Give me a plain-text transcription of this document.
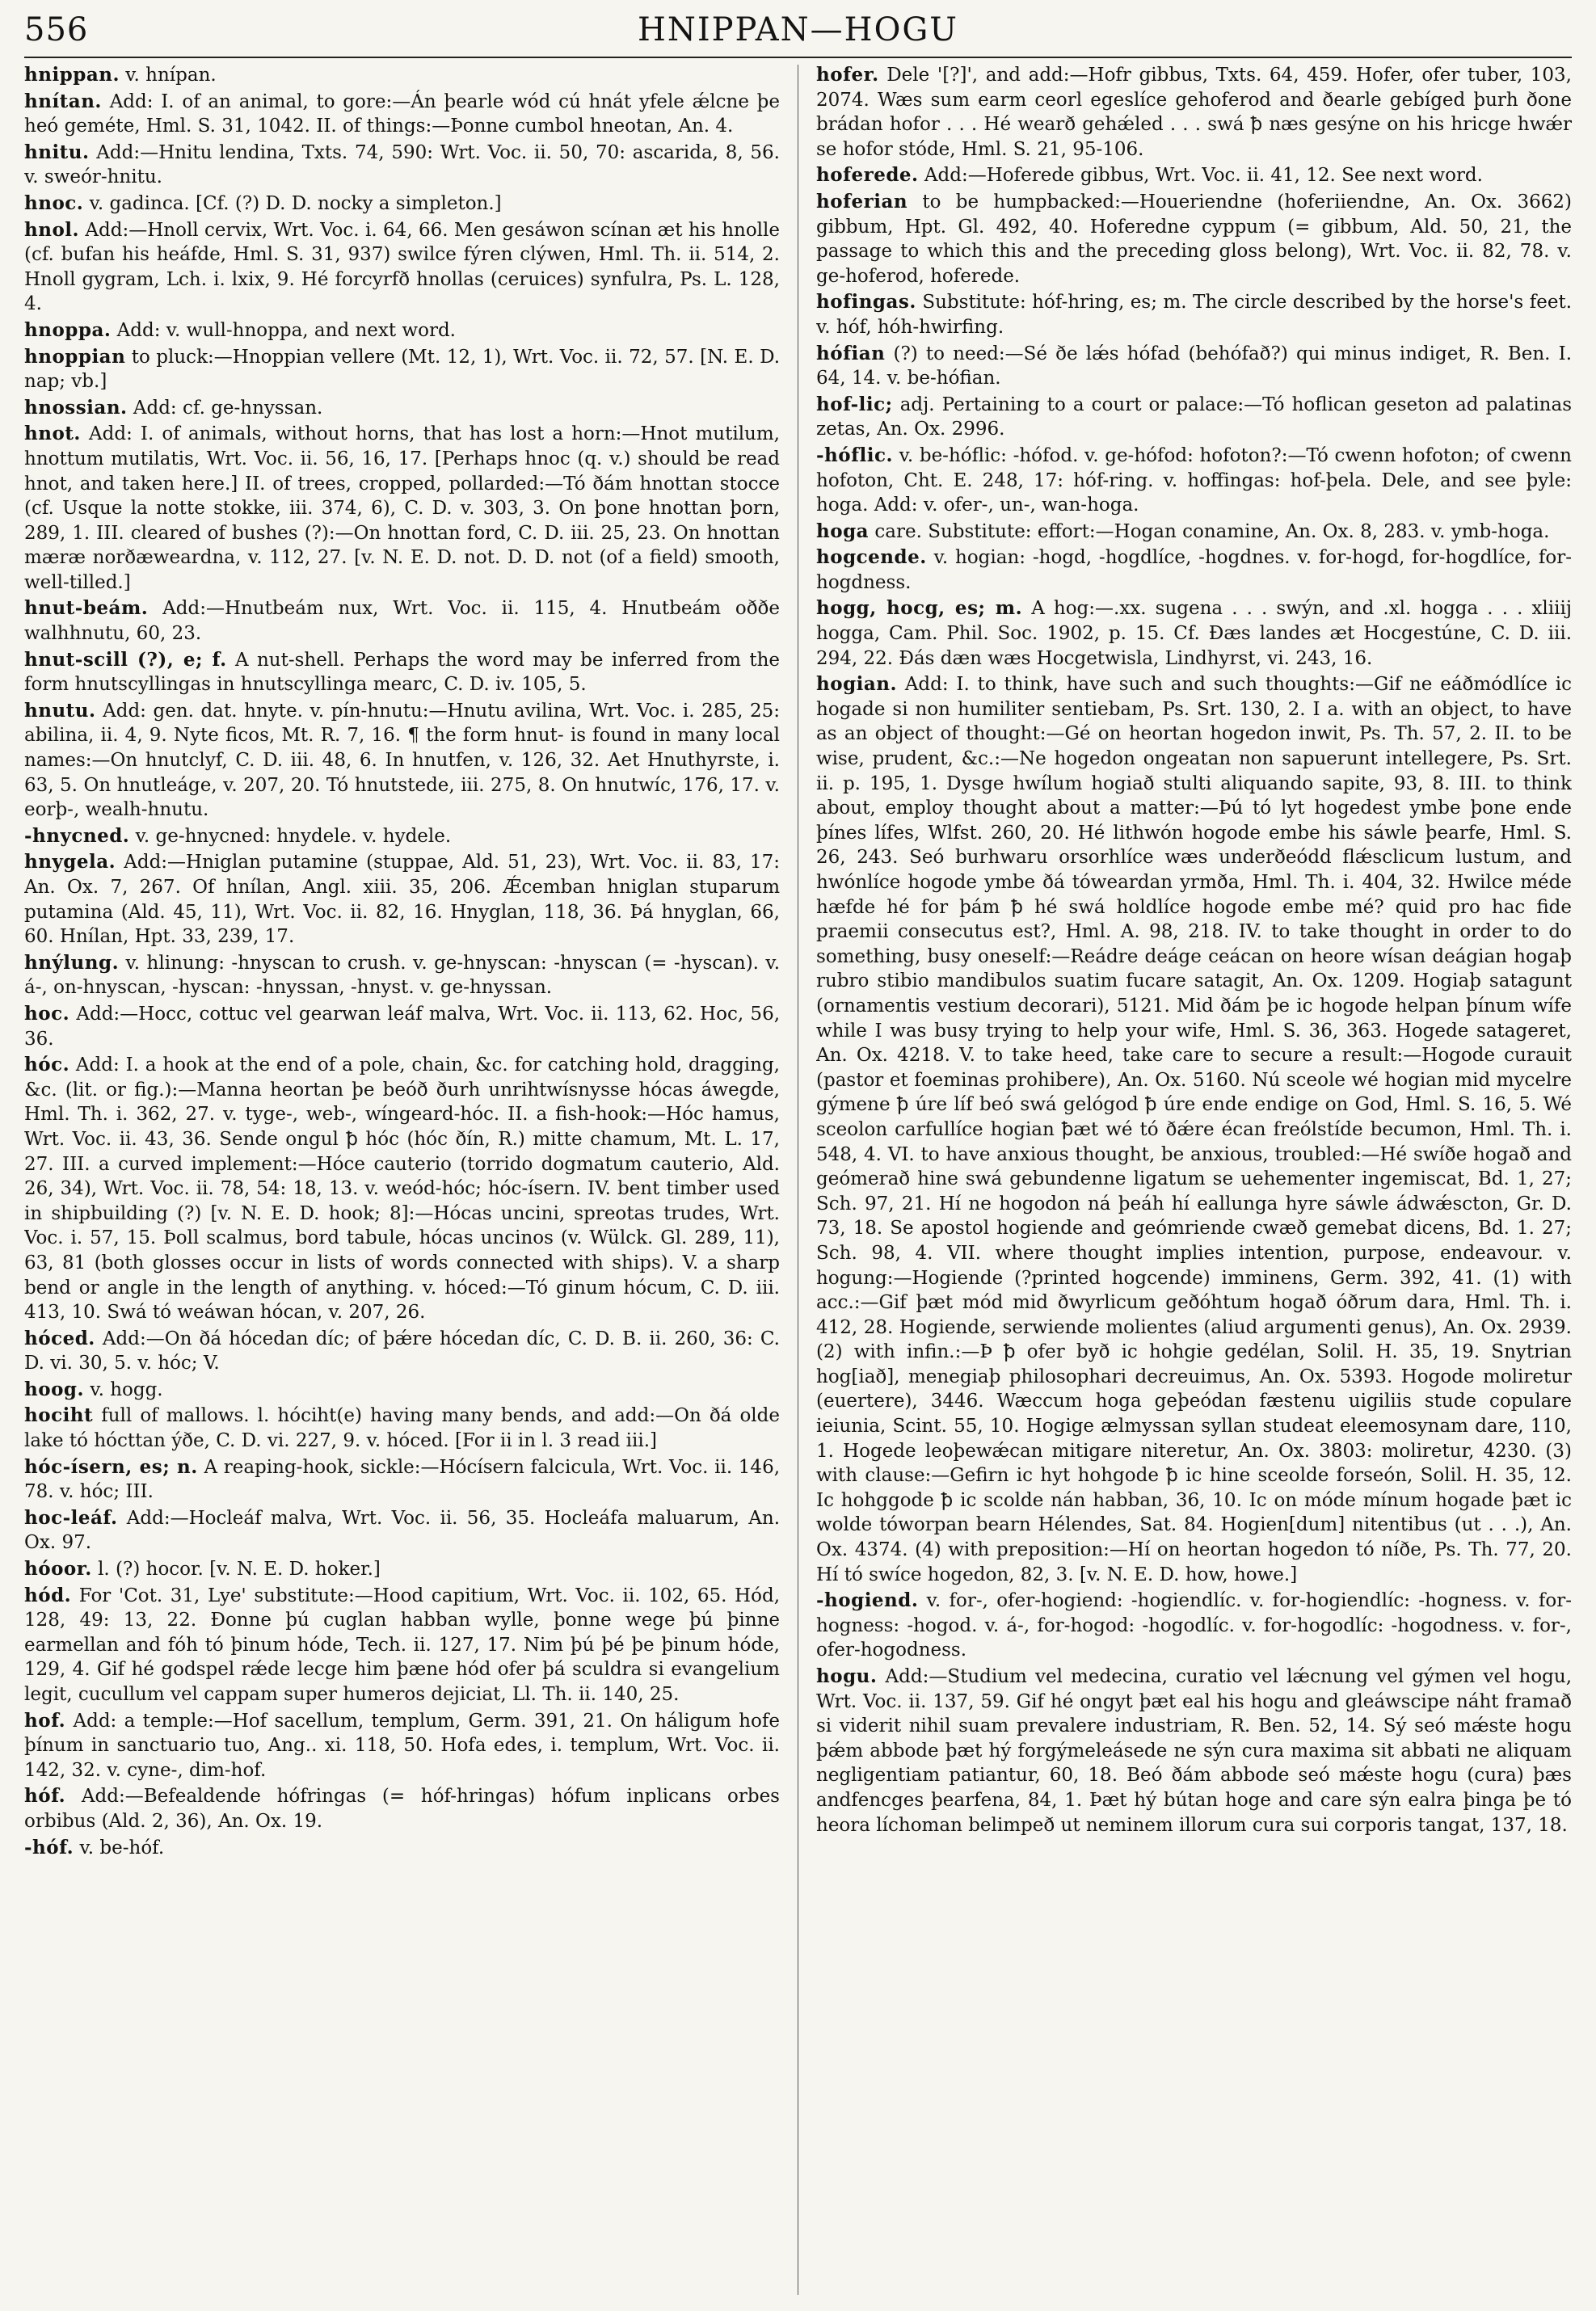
556	HNIPPAN—HOGU
hnippan. v. hnípan.
hnítan. Add: I. of an animal, to gore:—Án þearle wód cú hnát yfele ǽlcne þe heó geméte, Hml. S. 31, 1042. II. of things:—Þonne cumbol hneotan, An. 4.
hnitu. Add:—Hnitu lendina, Txts. 74, 590: Wrt. Voc. ii. 50, 70: ascarida, 8, 56. v. sweór-hnitu.
hnoc. v. gadinca. [Cf. (?) D. D. nocky a simpleton.]
hnol. Add:—Hnoll cervix, Wrt. Voc. i. 64, 66. Men gesáwon scínan æt his hnolle (cf. bufan his heáfde, Hml. S. 31, 937) swilce fýren clýwen, Hml. Th. ii. 514, 2. Hnoll gygram, Lch. i. lxix, 9. Hé forcyrfð hnollas (ceruices) synfulra, Ps. L. 128, 4.
hnoppa. Add: v. wull-hnoppa, and next word.
hnoppian to pluck:—Hnoppian vellere (Mt. 12, 1), Wrt. Voc. ii. 72, 57. [N. E. D. nap; vb.]
hnossian. Add: cf. ge-hnyssan.
hnot. Add: I. of animals, without horns, that has lost a horn:—Hnot mutilum, hnottum mutilatis, Wrt. Voc. ii. 56, 16, 17. [Perhaps hnoc (q. v.) should be read hnot, and taken here.] II. of trees, cropped, pollarded:—Tó ðám hnottan stocce (cf. Usque la notte stokke, iii. 374, 6), C. D. v. 303, 3. On þone hnottan þorn, 289, 1. III. cleared of bushes (?):—On hnottan ford, C. D. iii. 25, 23. On hnottan mæræ norðæweardna, v. 112, 27. [v. N. E. D. not. D. D. not (of a field) smooth, well-tilled.]
hnut-beám. Add:—Hnutbeám nux, Wrt. Voc. ii. 115, 4. Hnutbeám oððe walhhnutu, 60, 23.
hnut-scill (?), e; f. A nut-shell. Perhaps the word may be inferred from the form hnutscyllingas in hnutscyllinga mearc, C. D. iv. 105, 5.
hnutu. Add: gen. dat. hnyte. v. pín-hnutu:—Hnutu avilina, Wrt. Voc. i. 285, 25: abilina, ii. 4, 9. Nyte ficos, Mt. R. 7, 16. ¶ the form hnut- is found in many local names:—On hnutclyf, C. D. iii. 48, 6. In hnutfen, v. 126, 32. Aet Hnuthyrste, i. 63, 5. On hnutleáge, v. 207, 20. Tó hnutstede, iii. 275, 8. On hnutwíc, 176, 17. v. eorþ-, wealh-hnutu.
-hnycned. v. ge-hnycned: hnydele. v. hydele.
hnygela. Add:—Hniglan putamine (stuppae, Ald. 51, 23), Wrt. Voc. ii. 83, 17: An. Ox. 7, 267. Of hnílan, Angl. xiii. 35, 206. Ǽcemban hniglan stuparum putamina (Ald. 45, 11), Wrt. Voc. ii. 82, 16. Hnyglan, 118, 36. Þá hnyglan, 66, 60. Hnílan, Hpt. 33, 239, 17.
hnýlung. v. hlinung: -hnyscan to crush. v. ge-hnyscan: -hnyscan (= -hyscan). v. á-, on-hnyscan, -hyscan: -hnyssan, -hnyst. v. ge-hnyssan.
hoc. Add:—Hocc, cottuc vel gearwan leáf malva, Wrt. Voc. ii. 113, 62. Hoc, 56, 36.
hóc. Add: I. a hook at the end of a pole, chain, &c. for catching hold, dragging, &c. (lit. or fig.):—Manna heortan þe beóð ðurh unrihtwísnysse hócas áwegde, Hml. Th. i. 362, 27. v. tyge-, web-, wíngeard-hóc. II. a fish-hook:—Hóc hamus, Wrt. Voc. ii. 43, 36. Sende ongul ꝥ hóc (hóc ðín, R.) mitte chamum, Mt. L. 17, 27. III. a curved implement:—Hóce cauterio (torrido dogmatum cauterio, Ald. 26, 34), Wrt. Voc. ii. 78, 54: 18, 13. v. weód-hóc; hóc-ísern. IV. bent timber used in shipbuilding (?) [v. N. E. D. hook; 8]:—Hócas uncini, spreotas trudes, Wrt. Voc. i. 57, 15. Þoll scalmus, bord tabule, hócas uncinos (v. Wülck. Gl. 289, 11), 63, 81 (both glosses occur in lists of words connected with ships). V. a sharp bend or angle in the length of anything. v. hóced:—Tó ginum hócum, C. D. iii. 413, 10. Swá tó weáwan hócan, v. 207, 26.
hóced. Add:—On ðá hócedan díc; of þǽre hócedan díc, C. D. B. ii. 260, 36: C. D. vi. 30, 5. v. hóc; V.
hoog. v. hogg.
hociht full of mallows. l. hóciht(e) having many bends, and add:—On ðá olde lake tó hócttan ýðe, C. D. vi. 227, 9. v. hóced. [For ii in l. 3 read iii.]
hóc-ísern, es; n. A reaping-hook, sickle:—Hócísern falcicula, Wrt. Voc. ii. 146, 78. v. hóc; III.
hoc-leáf. Add:—Hocleáf malva, Wrt. Voc. ii. 56, 35. Hocleáfa maluarum, An. Ox. 97.
hóoor. l. (?) hocor. [v. N. E. D. hoker.]
hód. For 'Cot. 31, Lye' substitute:—Hood capitium, Wrt. Voc. ii. 102, 65. Hód, 128, 49: 13, 22. Ðonne þú cuglan habban wylle, þonne wege þú þinne earmellan and fóh tó þinum hóde, Tech. ii. 127, 17. Nim þú þé þe þinum hóde, 129, 4. Gif hé godspel rǽde lecge him þæne hód ofer þá sculdra si evangelium legit, cucullum vel cappam super humeros dejiciat, Ll. Th. ii. 140, 25.
hof. Add: a temple:—Hof sacellum, templum, Germ. 391, 21. On háligum hofe þínum in sanctuario tuo, Ang.. xi. 118, 50. Hofa edes, i. templum, Wrt. Voc. ii. 142, 32. v. cyne-, dim-hof.
hóf. Add:—Befealdende hófringas (= hóf-hringas) hófum inplicans orbes orbibus (Ald. 2, 36), An. Ox. 19.
-hóf. v. be-hóf.
hofer. Dele '[?]', and add:—Hofr gibbus, Txts. 64, 459. Hofer, ofer tuber, 103, 2074. Wæs sum earm ceorl egeslíce gehoferod and ðearle gebíged þurh ðone brádan hofor . . . Hé wearð gehǽled . . . swá ꝥ næs gesýne on his hricge hwǽr se hofor stóde, Hml. S. 21, 95-106.
hoferede. Add:—Hoferede gibbus, Wrt. Voc. ii. 41, 12. See next word.
hoferian to be humpbacked:—Houeriendne (hoferiiendne, An. Ox. 3662) gibbum, Hpt. Gl. 492, 40. Hoferedne cyppum (= gibbum, Ald. 50, 21, the passage to which this and the preceding gloss belong), Wrt. Voc. ii. 82, 78. v. ge-hoferod, hoferede.
hofingas. Substitute: hóf-hring, es; m. The circle described by the horse's feet. v. hóf, hóh-hwirfing.
hófian (?) to need:—Sé ðe lǽs hófad (behófað?) qui minus indiget, R. Ben. I. 64, 14. v. be-hófian.
hof-lic; adj. Pertaining to a court or palace:—Tó hoflican geseton ad palatinas zetas, An. Ox. 2996.
-hóflic. v. be-hóflic: -hófod. v. ge-hófod: hofoton?:—Tó cwenn hofoton; of cwenn hofoton, Cht. E. 248, 17: hóf-ring. v. hoffingas: hof-þela. Dele, and see þyle: hoga. Add: v. ofer-, un-, wan-hoga.
hoga care. Substitute: effort:—Hogan conamine, An. Ox. 8, 283. v. ymb-hoga.
hogcende. v. hogian: -hogd, -hogdlíce, -hogdnes. v. for-hogd, for-hogdlíce, for-hogdness.
hogg, hocg, es; m. A hog:—.xx. sugena . . . swýn, and .xl. hogga . . . xliiij hogga, Cam. Phil. Soc. 1902, p. 15. Cf. Ðæs landes æt Hocgestúne, C. D. iii. 294, 22. Ðás dæn wæs Hocgetwisla, Lindhyrst, vi. 243, 16.
hogian. Add: I. to think, have such and such thoughts:—Gif ne eáðmódlíce ic hogade si non humiliter sentiebam, Ps. Srt. 130, 2. I a. with an object, to have as an object of thought:—Gé on heortan hogedon inwit, Ps. Th. 57, 2. II. to be wise, prudent, &c.:—Ne hogedon ongeatan non sapuerunt intellegere, Ps. Srt. ii. p. 195, 1. Dysge hwílum hogiað stulti aliquando sapite, 93, 8. III. to think about, employ thought about a matter:—Þú tó lyt hogedest ymbe þone ende þínes lífes, Wlfst. 260, 20. Hé lithwón hogode embe his sáwle þearfe, Hml. S. 26, 243. Seó burhwaru orsorhlíce wæs underðeódd flǽsclicum lustum, and hwónlíce hogode ymbe ðá tóweardan yrmða, Hml. Th. i. 404, 32. Hwilce méde hæfde hé for þám ꝥ hé swá holdlíce hogode embe mé? quid pro hac fide praemii consecutus est?, Hml. A. 98, 218. IV. to take thought in order to do something, busy oneself:—Reádre deáge ceácan on heore wísan deágian hogaþ rubro stibio mandibulos suatim fucare satagit, An. Ox. 1209. Hogiaþ satagunt (ornamentis vestium decorari), 5121. Mid ðám þe ic hogode helpan þínum wífe while I was busy trying to help your wife, Hml. S. 36, 363. Hogede satageret, An. Ox. 4218. V. to take heed, take care to secure a result:—Hogode curauit (pastor et foeminas prohibere), An. Ox. 5160. Nú sceole wé hogian mid mycelre gýmene ꝥ úre líf beó swá gelógod ꝥ úre ende endige on God, Hml. S. 16, 5. Wé sceolon carfullíce hogian ꝥæt wé tó ðǽre écan freólstíde becumon, Hml. Th. i. 548, 4. VI. to have anxious thought, be anxious, troubled:—Hé swíðe hogað and geómerað hine swá gebundenne ligatum se uehementer ingemiscat, Bd. 1, 27; Sch. 97, 21. Hí ne hogodon ná þeáh hí eallunga hyre sáwle ádwǽscton, Gr. D. 73, 18. Se apostol hogiende and geómriende cwæð gemebat dicens, Bd. 1. 27; Sch. 98, 4. VII. where thought implies intention, purpose, endeavour. v. hogung:—Hogiende (?printed hogcende) imminens, Germ. 392, 41. (1) with acc.:—Gif þæt mód mid ðwyrlicum geðóhtum hogað óðrum dara, Hml. Th. i. 412, 28. Hogiende, serwiende molientes (aliud argumenti genus), An. Ox. 2939. (2) with infin.:—Þ ꝥ ofer byð ic hohgie gedélan, Solil. H. 35, 19. Snytrian hog[iað], menegiaþ philosophari decreuimus, An. Ox. 5393. Hogode moliretur (euertere), 3446. Wæccum hoga geþeódan fæstenu uigiliis stude copulare ieiunia, Scint. 55, 10. Hogige ælmyssan syllan studeat eleemosynam dare, 110, 1. Hogede leoþewǽcan mitigare niteretur, An. Ox. 3803: moliretur, 4230. (3) with clause:—Gefirn ic hyt hohgode ꝥ ic hine sceolde forseón, Solil. H. 35, 12. Ic hohggode ꝥ ic scolde nán habban, 36, 10. Ic on móde mínum hogade þæt ic wolde tóworpan bearn Hélendes, Sat. 84. Hogien[dum] nitentibus (ut . . .), An. Ox. 4374. (4) with preposition:—Hí on heortan hogedon tó níðe, Ps. Th. 77, 20. Hí tó swíce hogedon, 82, 3. [v. N. E. D. how, howe.]
-hogiend. v. for-, ofer-hogiend: -hogiendlíc. v. for-hogiendlíc: -hogness. v. for-hogness: -hogod. v. á-, for-hogod: -hogodlíc. v. for-hogodlíc: -hogodness. v. for-, ofer-hogodness.
hogu. Add:—Studium vel medecina, curatio vel lǽcnung vel gýmen vel hogu, Wrt. Voc. ii. 137, 59. Gif hé ongyt þæt eal his hogu and gleáwscipe náht framað si viderit nihil suam prevalere industriam, R. Ben. 52, 14. Sý seó mǽste hogu þǽm abbode þæt hý forgýmeleásede ne sýn cura maxima sit abbati ne aliquam negligentiam patiantur, 60, 18. Beó ðám abbode seó mǽste hogu (cura) þæs andfencges þearfena, 84, 1. Þæt hý bútan hoge and care sýn ealra þinga þe tó heora líchoman belimpeð ut neminem illorum cura sui corporis tangat, 137, 18.
